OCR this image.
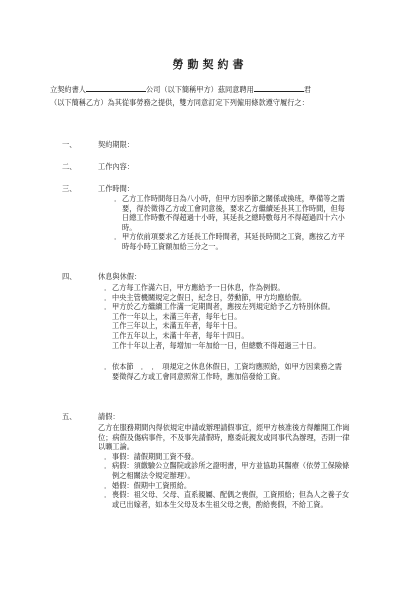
勞動契約書

立契約書人	公司（以下簡稱甲方）茲同意聘用	君

（以下簡稱乙方）為其從事勞務之提供，雙方同意訂定下列僱用條款遵守履行之：

一、	契約期限：
二、	工作內容：
三、	工作時間：
． 乙方工作時間每日為八小時，但甲方因季節之關係或換班，準備等之需要，得於徵得乙方或工會同意後，要求乙方繼續延長其工作時間，但每日總工作時數不得超過十小時，其延長之總時數每月不得超過四十六小時。
． 甲方依前項要求乙方延長工作時間者，其延長時間之工資，應按乙方平時每小時工資額加給三分之一。
四、	休息與休假：
． 乙方每工作滿六日，甲方應給予一日休息，作為例假。
． 中央主管機關規定之假日，紀念日，勞動節，甲方均應給假。
． 甲方於乙方繼續工作滿一定期間者，應按左列規定給予乙方特別休假。
工作一年以上，未滿三年者，每年七日。
工作三年以上，未滿五年者，每年十日。
工作五年以上，未滿十年者，每年十四日。
工作十年以上者，每增加一年加給一日，但總數不得超過三十日。
． 依本節　．　．　項規定之休息休假日，工資均應照給，如甲方因業務之需要徵得乙方或工會同意照常工作時，應加倍發給工資。
五、	請假：

乙方在服務期間內得依規定申請或辦理請假事宜，經甲方核准後方得離開工作崗位；病假及傷病事件，不及事先請假時，應委託親友或同事代為辦理，否則一律以曠工論。

． 事假：請假期間工資不發。
． 病假：須繳驗公立醫院或診所之證明書，甲方並協助其醫療（依勞工保險條例之相關法令規定辦理）。
． 婚假：假期中工資照給。
． 喪假：祖父母、父母、直系親屬、配偶之喪假，工資照給；但為人之養子女或已出嫁者，如本生父母及本生祖父母之喪，酌給喪假，不給工資。
